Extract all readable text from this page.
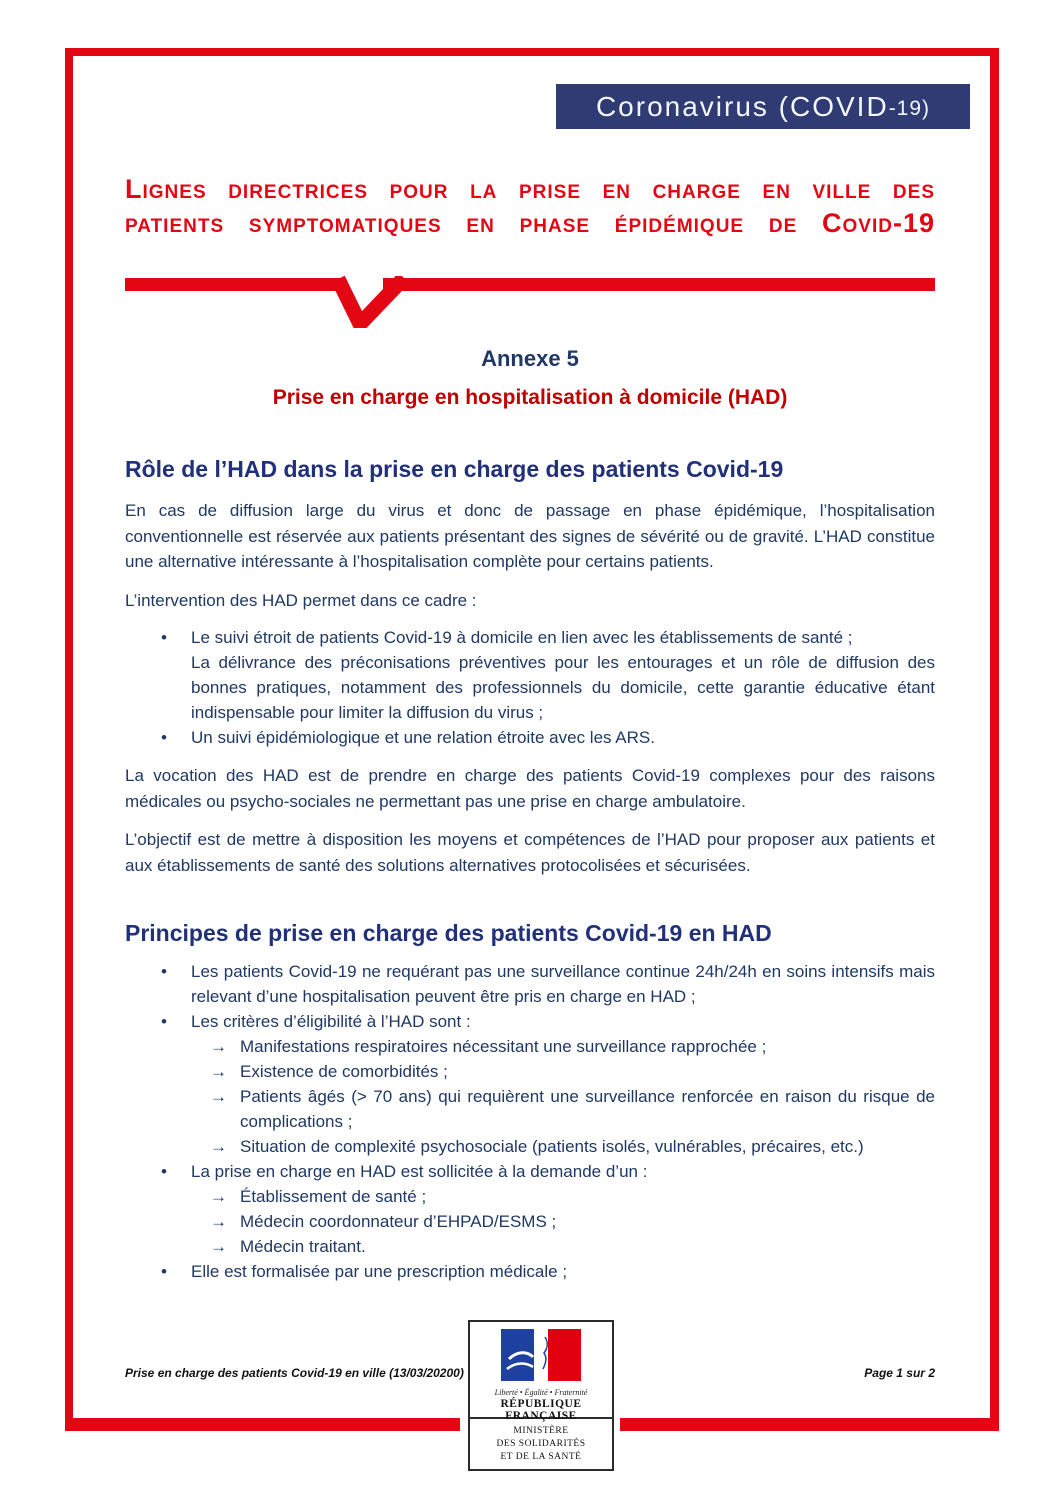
Coronavirus (COVID -19)
Lignes directrices pour la prise en charge en ville des
patients symptomatiques en phase épidémique de Covid-19
Annexe 5
Prise en charge en hospitalisation à domicile (HAD)
Rôle de l’HAD dans la prise en charge des patients Covid-19

En cas de diffusion large du virus et donc de passage en phase épidémique, l’hospitalisation conventionnelle est réservée aux patients présentant des signes de sévérité ou de gravité. L’HAD constitue une alternative intéressante à l’hospitalisation complète pour certains patients.

L’intervention des HAD permet dans ce cadre :

•	Le suivi étroit de patients Covid-19 à domicile en lien avec les établissements de santé ;

La délivrance des préconisations préventives pour les entourages et un rôle de diffusion des bonnes pratiques, notamment des professionnels du domicile, cette garantie éducative étant indispensable pour limiter la diffusion du virus ;

•	Un suivi épidémiologique et une relation étroite avec les ARS.

La vocation des HAD est de prendre en charge des patients Covid-19 complexes pour des raisons médicales ou psycho-sociales ne permettant pas une prise en charge ambulatoire.

L’objectif est de mettre à disposition les moyens et compétences de l’HAD pour proposer aux patients et aux établissements de santé des solutions alternatives protocolisées et sécurisées.

Principes de prise en charge des patients Covid-19 en HAD
•	Les patients Covid-19 ne requérant pas une surveillance continue 24h/24h en soins intensifs mais relevant d’une hospitalisation peuvent être pris en charge en HAD ;

•	Les critères d’éligibilité à l’HAD sont :

→ Manifestations respiratoires nécessitant une surveillance rapprochée ;

→ Existence de comorbidités ;

→ Patients âgés (> 70 ans) qui requièrent une surveillance renforcée en raison du risque de complications ;

→ Situation de complexité psychosociale (patients isolés, vulnérables, précaires, etc.)

•	La prise en charge en HAD est sollicitée à la demande d’un :

→ Établissement de santé ;

→ Médecin coordonnateur d’EHPAD/ESMS ;

→ Médecin traitant.

•	Elle est formalisée par une prescription médicale ;

Prise en charge des patients Covid-19 en ville (13/03/20200)	Page 1 sur 2
Liberté • Égalité • Fraternité
RÉPUBLIQUE FRANÇAISE
MINISTÈRE
DES SOLIDARITÉS
ET DE LA SANTÉ
